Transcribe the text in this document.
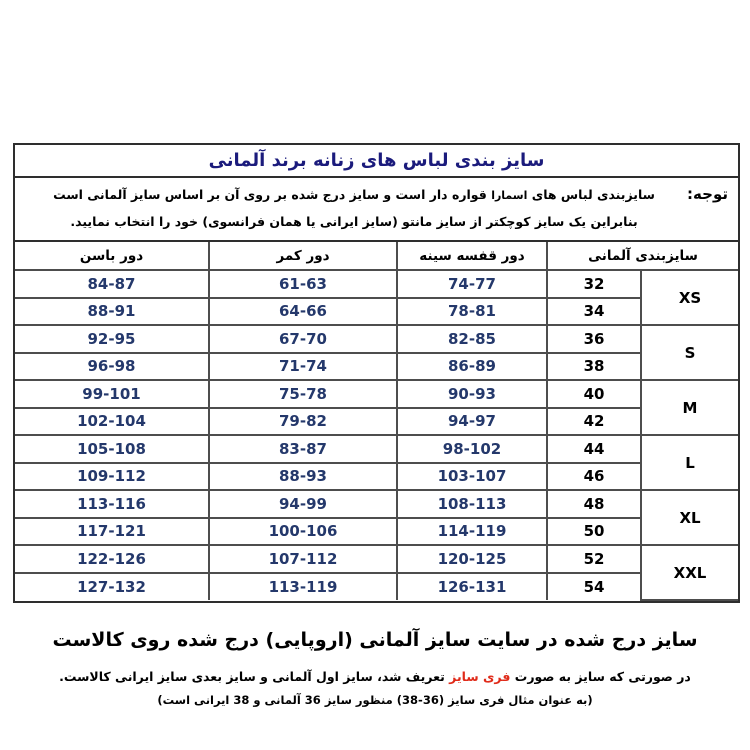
سایز بندی لباس های زنانه برند آلمانی
توجه:
سایزبندی لباس های اسمارا قواره دار است و سایز درج شده بر روی آن بر اساس سایز آلمانی است
بنابراین یک سایز کوچکتر از سایز مانتو (سایز ایرانی یا همان فرانسوی) خود را انتخاب نمایید.
سایزبندی آلمانی		دور قفسه سینه	دور کمر	دور باسن
XS	32	74-77	61-63	84-87
	34	78-81	64-66	88-91
S	36	82-85	67-70	92-95
	38	86-89	71-74	96-98
M	40	90-93	75-78	99-101
	42	94-97	79-82	102-104
L	44	98-102	83-87	105-108
	46	103-107	88-93	109-112
XL	48	108-113	94-99	113-116
	50	114-119	100-106	117-121
XXL	52	120-125	107-112	122-126
	54	126-131	113-119	127-132
سایز درج شده در سایت سایز آلمانی (اروپایی) درج شده روی کالاست
در صورتی که سایز به صورت فری سایز تعریف شد، سایز اول آلمانی و سایز بعدی سایز ایرانی کالاست.
(به عنوان مثال فری سایز (36-38) منظور سایز 36 آلمانی و 38 ایرانی است)
